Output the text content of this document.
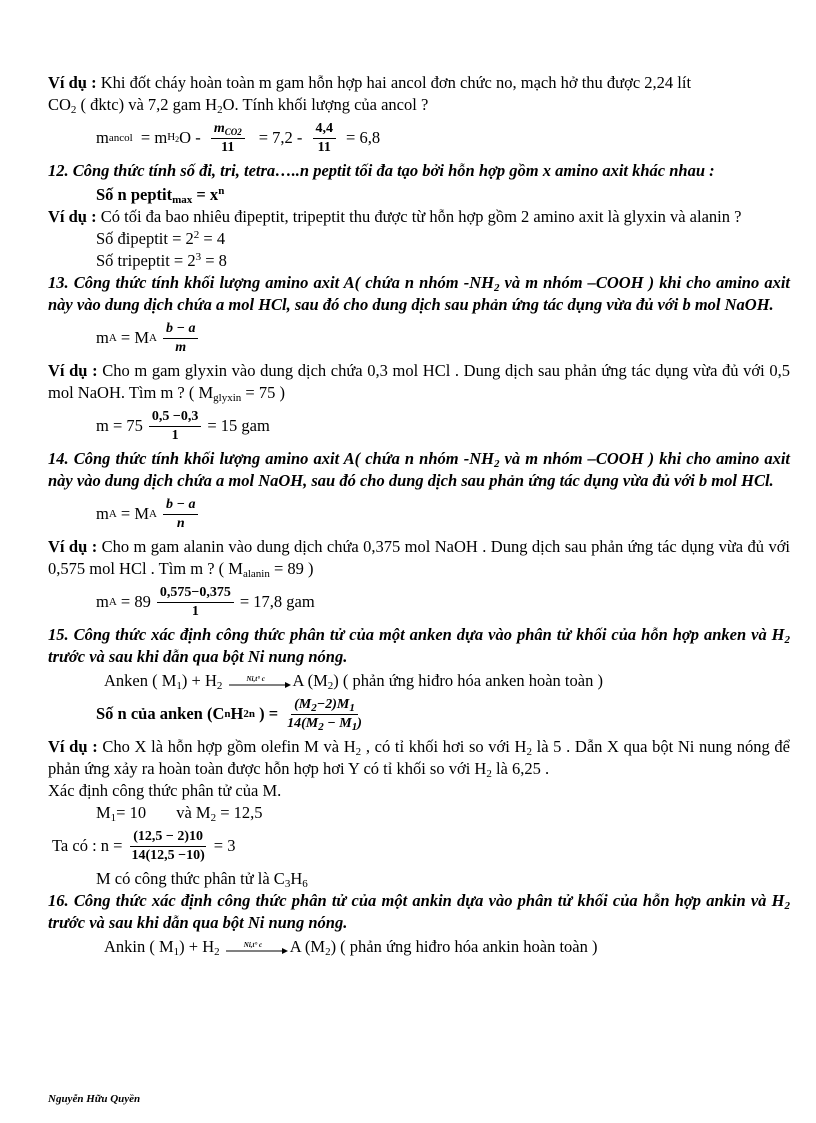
Ví dụ : Khi đốt cháy hoàn toàn m gam hỗn hợp hai ancol đơn chức no, mạch hở thu được 2,24 lít
$CO_2$ ( đktc) và 7,2 gam $H_2O$. Tính khối lượng của ancol ?

m ancol = m H2 $O - \frac{m_{CO2}}{11} = 7,2 - \frac{4,4}{11} = 6,8$

12. Công thức tính số đi, tri, tetra…..n peptit tối đa tạo bởi hỗn hợp gồm x amino axit khác nhau :

Số n peptit$_{max}$ = $x^n$

Ví dụ : Có tối đa bao nhiêu đipeptit, tripeptit thu được từ hỗn hợp gồm 2 amino axit là glyxin và alanin ?

Số đipeptit = $2^2 = 4$

Số tripeptit = $2^3 = 8$

13. Công thức tính khối lượng amino axit A( chứa n nhóm $-NH_2$ và m nhóm –COOH ) khi cho amino axit này vào dung dịch chứa a mol HCl, sau đó cho dung dịch sau phản ứng tác dụng vừa đủ với b mol NaOH.

m A = M A $\frac{b - a}{m}$

Ví dụ : Cho m gam glyxin vào dung dịch chứa 0,3 mol HCl . Dung dịch sau phản ứng tác dụng vừa đủ với 0,5 mol NaOH. Tìm m ? ( $M_{glyxin} = 75$ )

$m = 75 \frac{0,5 -0,3}{1} = 15$ gam

14. Công thức tính khối lượng amino axit A( chứa n nhóm $-NH_2$ và m nhóm –COOH ) khi cho amino axit này vào dung dịch chứa a mol NaOH, sau đó cho dung dịch sau phản ứng tác dụng vừa đủ với b mol HCl.

m A = M A $\frac{b - a}{n}$

Ví dụ : Cho m gam alanin vào dung dịch chứa 0,375 mol NaOH . Dung dịch sau phản ứng tác dụng vừa đủ với 0,575 mol HCl . Tìm m ? ( $M_{alanin} = 89$ )

m $A = 89 \frac{0,575-0,375}{1} = 17,8$ gam

15. Công thức xác định công thức phân tử của một anken dựa vào phân tử khối của hỗn hợp anken và $H_2$ trước và sau khi dẫn qua bột Ni nung nóng.

Anken ( $M_1) + H_2$
Ni,t° c A $(M_2)$ ( phản ứng hiđro hóa anken hoàn toàn )

Số n của anken (C n H 2n ) = $\frac{(M_2-2)M_1}{14(M_2 - M_1)}$

Ví dụ : Cho X là hỗn hợp gồm olefin M và $H_2$ , có tỉ khối hơi so với $H_2$ là 5 . Dẫn X qua bột Ni nung nóng để phản ứng xảy ra hoàn toàn được hỗn hợp hơi Y có tỉ khối so với $H_2$ là 6,25 .

Xác định công thức phân tử của M.

$M_1= 10$ và $M_2 = 12,5$

Ta có : $n = \frac{(12,5 - 2)10}{14(12,5 -10)} = 3$

M có công thức phân tử là $C_3H_6$

16. Công thức xác định công thức phân tử của một ankin dựa vào phân tử khối của hỗn hợp ankin và $H_2$ trước và sau khi dẫn qua bột Ni nung nóng.

Ankin ( $M_1) + H_2$
Ni,t° c A $(M_2)$ ( phản ứng hiđro hóa ankin hoàn toàn )

Nguyễn Hữu Quyền
